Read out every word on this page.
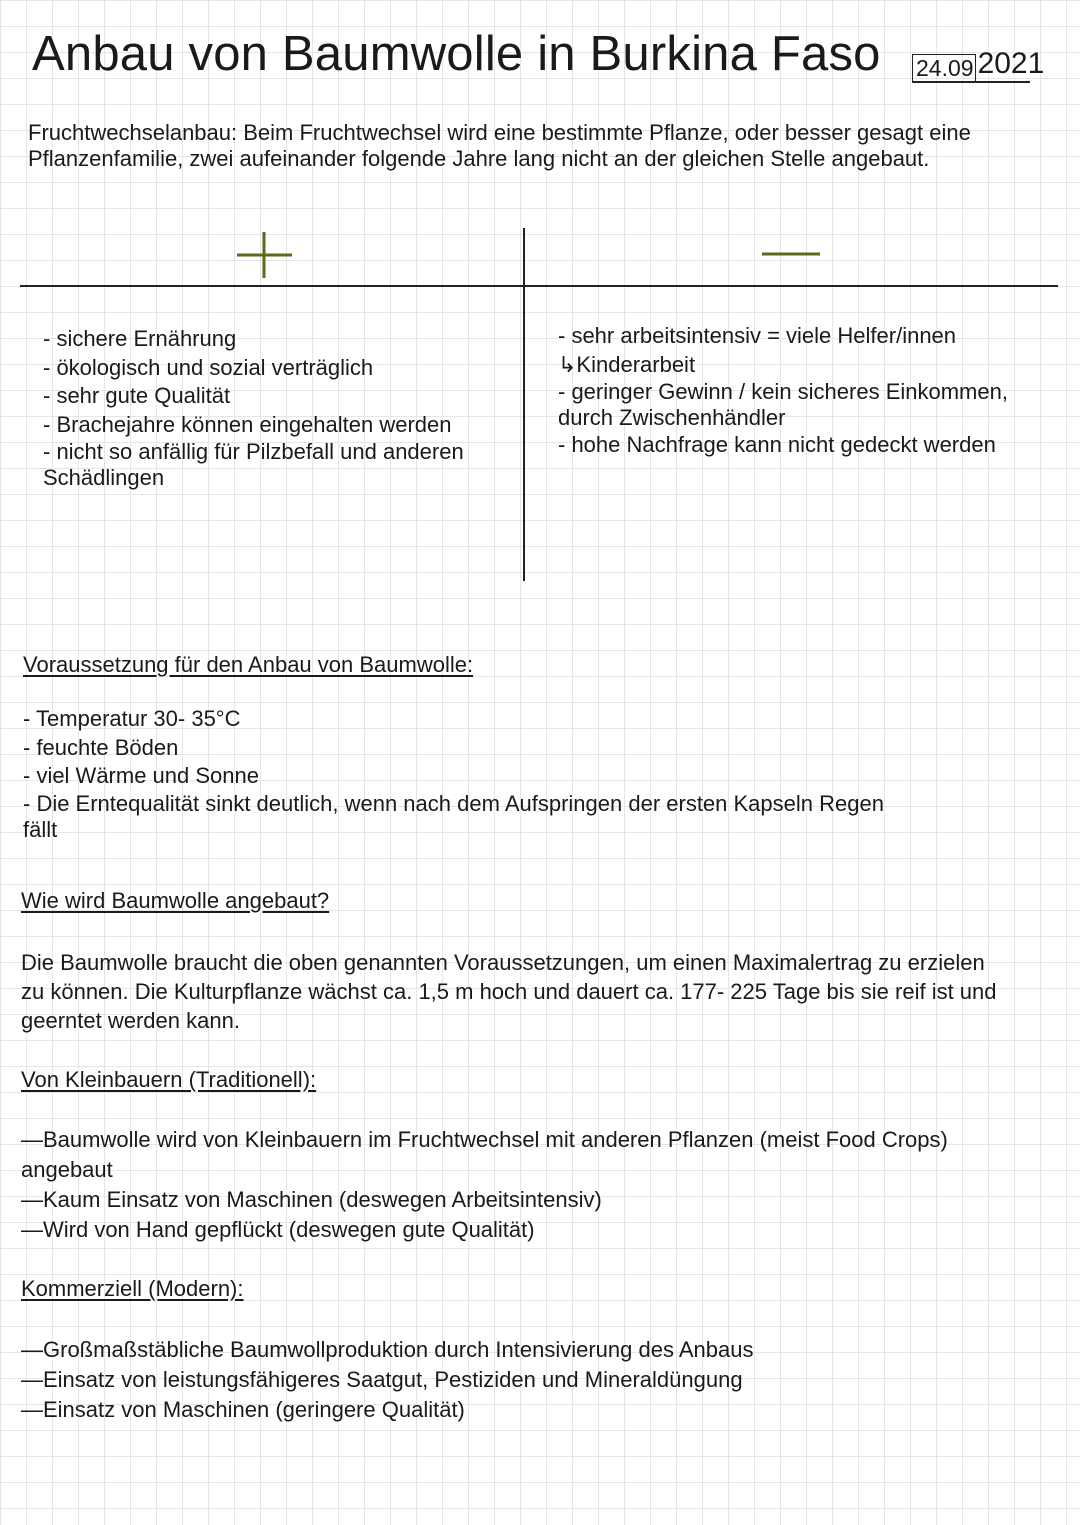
Anbau von Baumwolle in Burkina Faso 24.09 2021
Fruchtwechselanbau: Beim Fruchtwechsel wird eine bestimmte Pflanze, oder besser gesagt eine Pflanzenfamilie, zwei aufeinander folgende Jahre lang nicht an der gleichen Stelle angebaut.
- sichere Ernährung
- ökologisch und sozial verträglich
- sehr gute Qualität
- Brachejahre können eingehalten werden
- nicht so anfällig für Pilzbefall und anderen Schädlingen
- sehr arbeitsintensiv = viele Helfer/innen
↳Kinderarbeit
- geringer Gewinn / kein sicheres Einkommen, durch Zwischenhändler
- hohe Nachfrage kann nicht gedeckt werden
Voraussetzung für den Anbau von Baumwolle:
- Temperatur 30- 35°C
- feuchte Böden
- viel Wärme und Sonne
- Die Erntequalität sinkt deutlich, wenn nach dem Aufspringen der ersten Kapseln Regen fällt
Wie wird Baumwolle angebaut?
Die Baumwolle braucht die oben genannten Voraussetzungen, um einen Maximalertrag zu erzielen zu können. Die Kulturpflanze wächst ca. 1,5 m hoch und dauert ca. 177- 225 Tage bis sie reif ist und geerntet werden kann.
Von Kleinbauern (Traditionell):
—Baumwolle wird von Kleinbauern im Fruchtwechsel mit anderen Pflanzen (meist Food Crops) angebaut
—Kaum Einsatz von Maschinen (deswegen Arbeitsintensiv)
—Wird von Hand gepflückt (deswegen gute Qualität)
Kommerziell (Modern):
—Großmaßstäbliche Baumwollproduktion durch Intensivierung des Anbaus
—Einsatz von leistungsfähigeres Saatgut, Pestiziden und Mineraldüngung
—Einsatz von Maschinen (geringere Qualität)
